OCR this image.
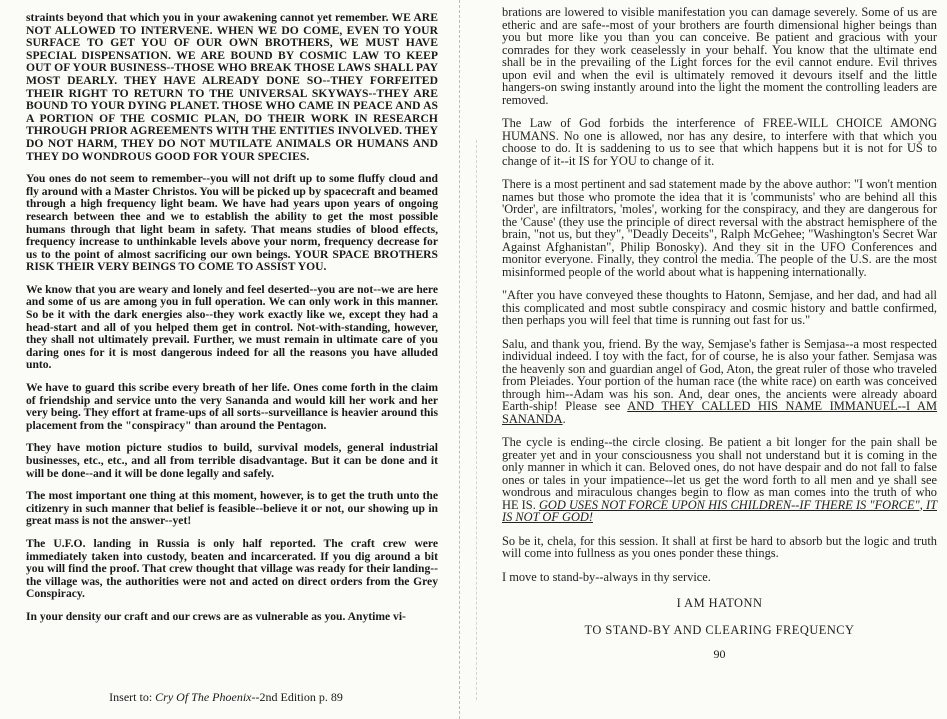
straints beyond that which you in your awakening cannot yet remember. WE ARE NOT ALLOWED TO INTERVENE. WHEN WE DO COME, EVEN TO YOUR SURFACE TO GET YOU OF OUR OWN BROTHERS, WE MUST HAVE SPECIAL DISPENSATION. WE ARE BOUND BY COSMIC LAW TO KEEP OUT OF YOUR BUSINESS--THOSE WHO BREAK THOSE LAWS SHALL PAY MOST DEARLY. THEY HAVE ALREADY DONE SO--THEY FORFEITED THEIR RIGHT TO RETURN TO THE UNIVERSAL SKYWAYS--THEY ARE BOUND TO YOUR DYING PLANET. THOSE WHO CAME IN PEACE AND AS A PORTION OF THE COSMIC PLAN, DO THEIR WORK IN RESEARCH THROUGH PRIOR AGREEMENTS WITH THE ENTITIES INVOLVED. THEY DO NOT HARM, THEY DO NOT MUTILATE ANIMALS OR HUMANS AND THEY DO WONDROUS GOOD FOR YOUR SPECIES.

You ones do not seem to remember--you will not drift up to some fluffy cloud and fly around with a Master Christos. You will be picked up by spacecraft and beamed through a high frequency light beam. We have had years upon years of ongoing research between thee and we to establish the ability to get the most possible humans through that light beam in safety. That means studies of blood effects, frequency increase to unthinkable levels above your norm, frequency decrease for us to the point of almost sacrificing our own beings. YOUR SPACE BROTHERS RISK THEIR VERY BEINGS TO COME TO ASSIST YOU.

We know that you are weary and lonely and feel deserted--you are not--we are here and some of us are among you in full operation. We can only work in this manner. So be it with the dark energies also--they work exactly like we, except they had a head-start and all of you helped them get in control. Not-with-standing, however, they shall not ultimately prevail. Further, we must remain in ultimate care of you daring ones for it is most dangerous indeed for all the reasons you have alluded unto.

We have to guard this scribe every breath of her life. Ones come forth in the claim of friendship and service unto the very Sananda and would kill her work and her very being. They effort at frame-ups of all sorts--surveillance is heavier around this placement from the "conspiracy" than around the Pentagon.

They have motion picture studios to build, survival models, general industrial businesses, etc., etc., and all from terrible disadvantage. But it can be done and it will be done--and it will be done legally and safely.

The most important one thing at this moment, however, is to get the truth unto the citizenry in such manner that belief is feasible--believe it or not, our showing up in great mass is not the answer--yet!

The U.F.O. landing in Russia is only half reported. The craft crew were immediately taken into custody, beaten and incarcerated. If you dig around a bit you will find the proof. That crew thought that village was ready for their landing--the village was, the authorities were not and acted on direct orders from the Grey Conspiracy.

In your density our craft and our crews are as vulnerable as you. Anytime vi-

Insert to: Cry Of The Phoenix--2nd Edition p. 89

brations are lowered to visible manifestation you can damage severely. Some of us are etheric and are safe--most of your brothers are fourth dimensional higher beings than you but more like you than you can conceive. Be patient and gracious with your comrades for they work ceaselessly in your behalf. You know that the ultimate end shall be in the prevailing of the Light forces for the evil cannot endure. Evil thrives upon evil and when the evil is ultimately removed it devours itself and the little hangers-on swing instantly around into the light the moment the controlling leaders are removed.

The Law of God forbids the interference of FREE-WILL CHOICE AMONG HUMANS. No one is allowed, nor has any desire, to interfere with that which you choose to do. It is saddening to us to see that which happens but it is not for US to change of it--it IS for YOU to change of it.

There is a most pertinent and sad statement made by the above author: "I won't mention names but those who promote the idea that it is 'communists' who are behind all this 'Order', are infiltrators, 'moles', working for the conspiracy, and they are dangerous for the 'Cause' (they use the principle of direct reversal with the abstract hemisphere of the brain, "not us, but they", "Deadly Deceits", Ralph McGehee; "Washington's Secret War Against Afghanistan", Philip Bonosky). And they sit in the UFO Conferences and monitor everyone. Finally, they control the media. The people of the U.S. are the most misinformed people of the world about what is happening internationally.

"After you have conveyed these thoughts to Hatonn, Semjase, and her dad, and had all this complicated and most subtle conspiracy and cosmic history and battle confirmed, then perhaps you will feel that time is running out fast for us."

Salu, and thank you, friend. By the way, Semjase's father is Semjasa--a most respected individual indeed. I toy with the fact, for of course, he is also your father. Semjasa was the heavenly son and guardian angel of God, Aton, the great ruler of those who traveled from Pleiades. Your portion of the human race (the white race) on earth was conceived through him--Adam was his son. And, dear ones, the ancients were already aboard Earth-ship! Please see AND THEY CALLED HIS NAME IMMANUEL--I AM SANANDA.

The cycle is ending--the circle closing. Be patient a bit longer for the pain shall be greater yet and in your consciousness you shall not understand but it is coming in the only manner in which it can. Beloved ones, do not have despair and do not fall to false ones or tales in your impatience--let us get the word forth to all men and ye shall see wondrous and miraculous changes begin to flow as man comes into the truth of who HE IS. GOD USES NOT FORCE UPON HIS CHILDREN--IF THERE IS "FORCE", IT IS NOT OF GOD!

So be it, chela, for this session. It shall at first be hard to absorb but the logic and truth will come into fullness as you ones ponder these things.

I move to stand-by--always in thy service.

I AM HATONN

TO STAND-BY AND CLEARING FREQUENCY

90
